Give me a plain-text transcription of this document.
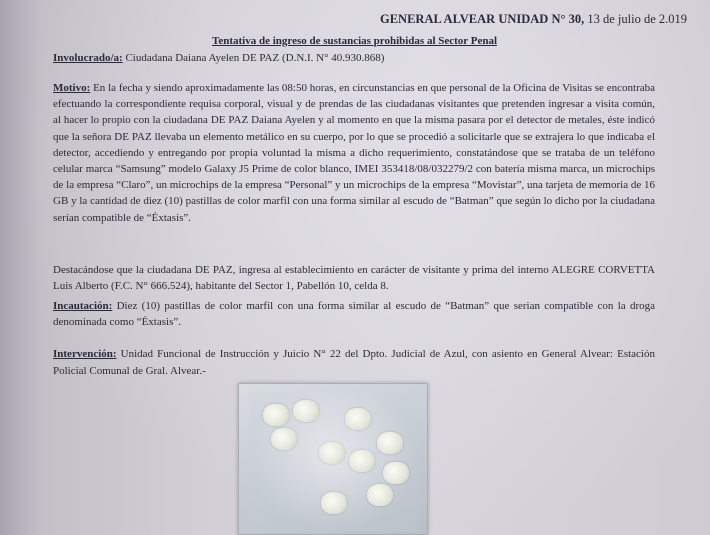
GENERAL ALVEAR UNIDAD N° 30, 13 de julio de 2.019
Tentativa de ingreso de sustancias prohibidas al Sector Penal

Involucrado/a: Ciudadana Daiana Ayelen DE PAZ (D.N.I. N° 40.930.868)

Motivo: En la fecha y siendo aproximadamente las 08:50 horas, en circunstancias en que personal de la Oficina de Visitas se encontraba efectuando la correspondiente requisa corporal, visual y de prendas de las ciudadanas visitantes que pretenden ingresar a visita común, al hacer lo propio con la ciudadana DE PAZ Daiana Ayelen y al momento en que la misma pasara por el detector de metales, éste indicó que la señora DE PAZ llevaba un elemento metálico en su cuerpo, por lo que se procedió a solicitarle que se extrajera lo que indicaba el detector, accediendo y entregando por propia voluntad la misma a dicho requerimiento, constatándose que se trataba de un teléfono celular marca “Samsung” modelo Galaxy J5 Prime de color blanco, IMEI 353418/08/032279/2 con batería misma marca, un microchips de la empresa “Claro”, un microchips de la empresa “Personal” y un microchips de la empresa “Movistar”, una tarjeta de memoria de 16 GB y la cantidad de diez (10) pastillas de color marfil con una forma similar al escudo de “Batman” que según lo dicho por la ciudadana serían compatible de “Éxtasis”.

Destacándose que la ciudadana DE PAZ, ingresa al establecimiento en carácter de visitante y prima del interno ALEGRE CORVETTA Luis Alberto (F.C. N° 666.524), habitante del Sector 1, Pabellón 10, celda 8.

Incautación: Diez (10) pastillas de color marfil con una forma similar al escudo de “Batman” que serian compatible con la droga denominada como “Éxtasis”.

Intervención: Unidad Funcional de Instrucción y Juicio N° 22 del Dpto. Judicial de Azul, con asiento en General Alvear: Estación Policial Comunal de Gral. Alvear.-
